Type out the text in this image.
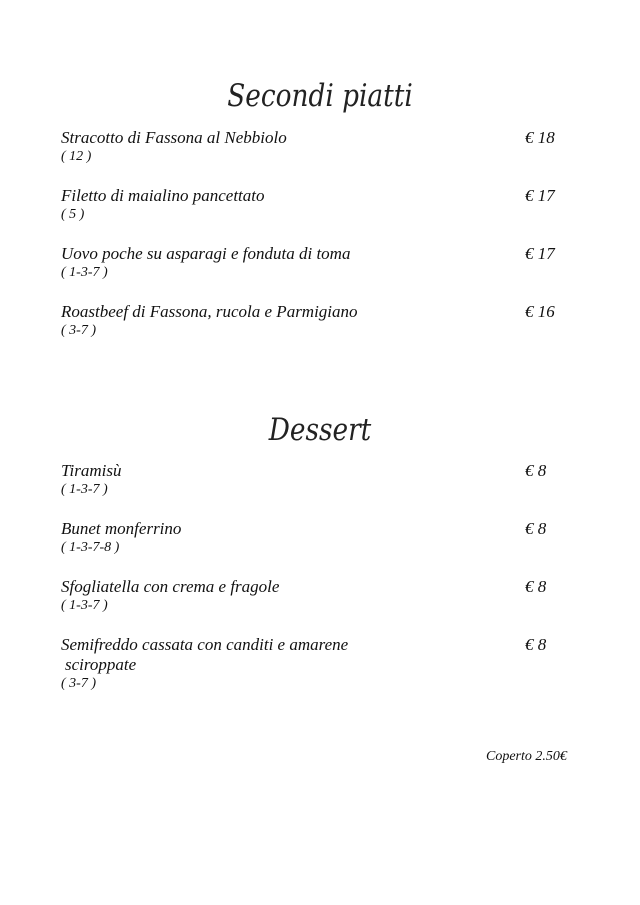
Secondi piatti
Stracotto di Fassona al Nebbiolo
( 12 )
€ 18
Filetto di maialino pancettato
( 5 )
€ 17
Uovo poche su asparagi e fonduta di toma
( 1-3-7 )
€ 17
Roastbeef di Fassona, rucola e Parmigiano
( 3-7 )
€ 16
Dessert
Tiramisù
( 1-3-7 )
€ 8
Bunet monferrino
( 1-3-7-8 )
€ 8
Sfogliatella con crema e fragole
( 1-3-7 )
€ 8
Semifreddo cassata con canditi e amarene
sciroppate
( 3-7 )
€ 8
Coperto 2.50€
